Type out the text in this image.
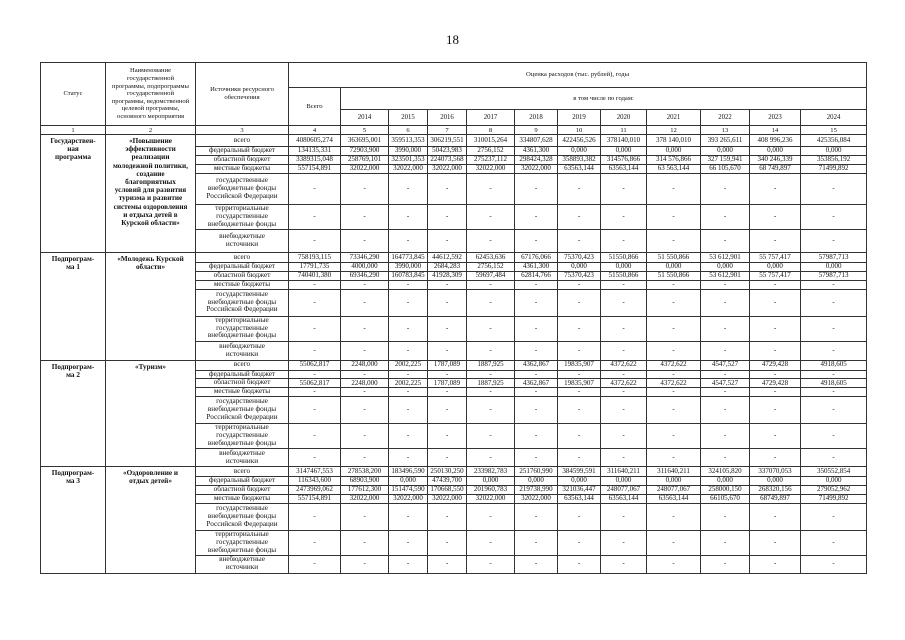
18
Статус	Наименование государственной программы, подпрограммы государственной программы, ведомственной целевой программы, основного мероприятия	Источники ресурсного обеспечения	Оценка расходов (тыс. рублей), годы											
			Всего	в том числе по годам:										
				2014	2015	2016	2017	2018	2019	2020	2021	2022	2023	2024
1	2	3	4	5	6	7	8	9	10	11	12	13	14	15
Государствен-
ная
программа	«Повышение эффективности реализации молодежной политики, создание благоприятных условий для развития туризма и развитие системы оздоровления и отдыха детей в Курской области»	всего	4080605,274	363695,001	359513,353	306219,551	310015,264	334807,628	422456,526	378140,010	378 140,010	393 265,611	408 996,236	425356,084
		федеральный бюджет	134135,331	72903,900	3990,000	50423,983	2756,152	4361,300	0,000	0,000	0,000	0,000	0,000	0,000
		областной бюджет	3389315,048	258769,101	323501,353	224073,568	275237,112	298424,328	358893,382	314576,866	314 576,866	327 159,941	340 246,339	353856,192
		местные бюджеты	557154,891	32022,000	32022,000	32022,000	32022,000	32022,000	63563,144	63563,144	63 563,144	66 105,670	68 749,897	71499,892
		государственные внебюджетные фонды Российской Федерации	-	-	-	-	-	-	-	-	-	-	-	-
		территориальные государственные внебюджетные фонды	-	-	-	-	-	-	-	-	-	-	-	-
		внебюджетные источники	-	-	-	-	-	-	-	-	-	-	-	-
Подпрограм-
ма 1	«Молодежь Курской области»	всего	758193,115	73346,290	164773,845	44612,592	62453,636	67176,066	75370,423	51550,866	51 550,866	53 612,901	55 757,417	57987,713
		федеральный бюджет	17791,735	4000,000	3990,000	2684,283	2756,152	4361,300	0,000	0,000	0,000	0,000	0,000	0,000
		областной бюджет	740401,380	69346,290	160783,845	41928,309	59697,484	62814,766	75370,423	51550,866	51 550,866	53 612,901	55 757,417	57987,713
		местные бюджеты	-	-	-	-	-	-	-	-	-	-	-	-
		государственные внебюджетные фонды Российской Федерации	-	-	-	-	-	-	-	-	-	-	-	-
		территориальные государственные внебюджетные фонды	-	-	-	-	-	-	-	-	-	-	-	-
		внебюджетные источники	-	-	-	-	-	-	-	-	-	-	-	-
Подпрограм-
ма 2	«Туризм»	всего	55062,817	2248,000	2002,225	1787,089	1887,925	4362,867	19835,907	4372,622	4372,622	4547,527	4729,428	4918,605
		федеральный бюджет	-	-	-	-	-	-	-	-	-	-	-	-
		областной бюджет	55062,817	2248,000	2002,225	1787,089	1887,925	4362,867	19835,907	4372,622	4372,622	4547,527	4729,428	4918,605
		местные бюджеты	-	-	-	-	-	-	-	-	-	-	-	-
		государственные внебюджетные фонды Российской Федерации	-	-	-	-	-	-	-	-	-	-	-	-
		территориальные государственные внебюджетные фонды	-	-	-	-	-	-	-	-	-	-	-	-
		внебюджетные источники	-	-	-	-	-	-	-	-	-	-	-	-
Подпрограм-
ма 3	«Оздоровление и отдых детей»	всего	3147467,553	278538,200	183496,590	250130,250	233982,783	251760,990	384599,591	311640,211	311640,211	324105,820	337070,053	350552,854
		федеральный бюджет	116343,600	68903,900	0,000	47439,700	0,000	0,000	0,000	0,000	0,000	0,000	0,000	0,000
		областной бюджет	2473969,062	177612,300	151474,590	170668,550	201960,783	219738,990	321036,447	248077,067	248077,067	258000,150	268320,156	279052,962
		местные бюджеты	557154,891	32022,000	32022,000	32022,000	32022,000	32022,000	63563,144	63563,144	63563,144	66105,670	68749,897	71499,892
		государственные внебюджетные фонды Российской Федерации	-	-	-	-	-	-	-	-	-	-	-	-
		территориальные государственные внебюджетные фонды	-	-	-	-	-	-	-	-	-	-	-	-
		внебюджетные источники	-	-	-	-	-	-	-	-	-	-	-	-
